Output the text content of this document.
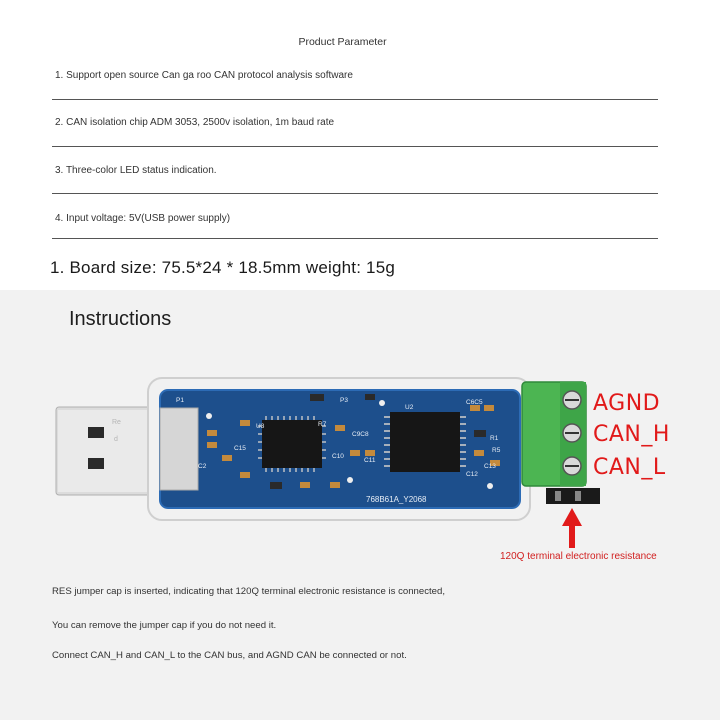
Product Parameter
1. Support open source Can ga roo CAN protocol analysis software
2. CAN isolation chip ADM 3053, 2500v isolation, 1m baud rate
3. Three-color LED status indication.
4. Input voltage: 5V(USB power supply)
1. Board size: 75.5*24 * 18.5mm weight: 15g
P1	P3
U2
U3	R7
C6C5
C9C8
C10
C11
C12
C13
C15
C2
R1
R5
768B61A_Y2068
Re
d
Instructions
AGND
CAN_H
CAN_L
120Q terminal electronic resistance
RES jumper cap is inserted, indicating that 120Q terminal electronic resistance is connected,
You can remove the jumper cap if you do not need it.
Connect CAN_H and CAN_L to the CAN bus, and AGND CAN be connected or not.
